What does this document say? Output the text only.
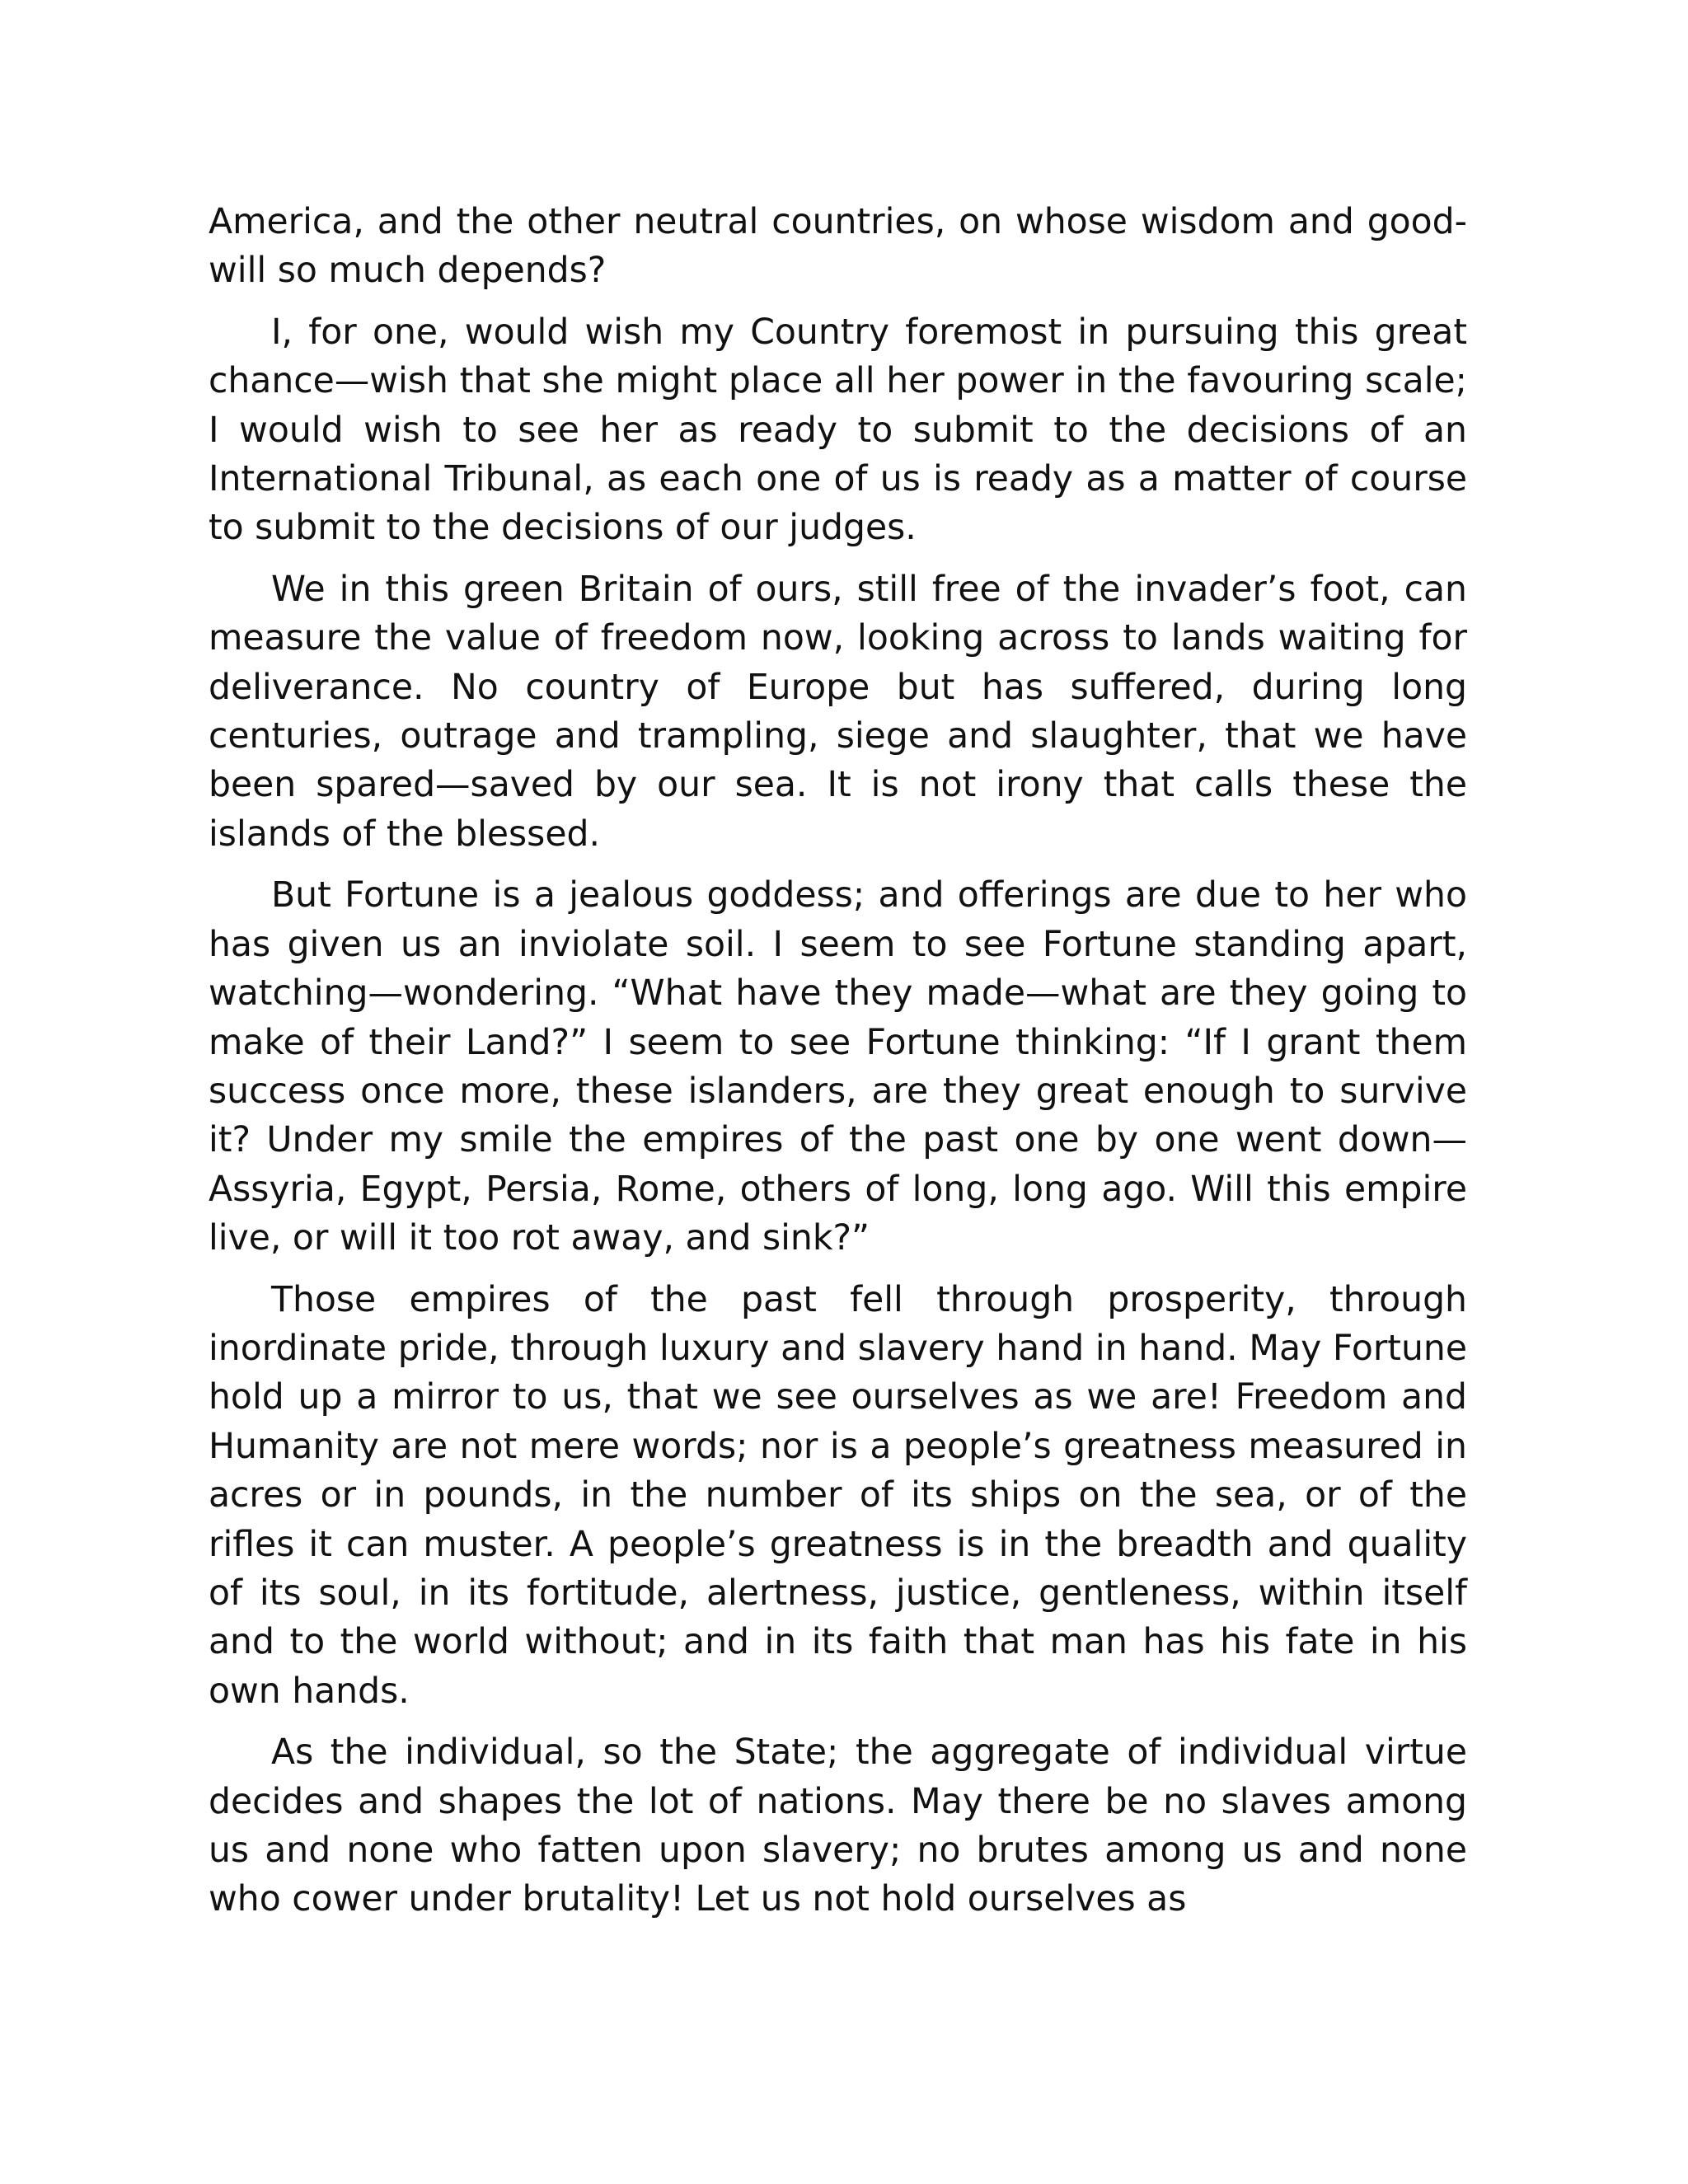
America, and the other neutral countries, on whose wisdom and good-will so much depends?

I, for one, would wish my Country foremost in pursuing this great chance—wish that she might place all her power in the favouring scale; I would wish to see her as ready to submit to the decisions of an International Tribunal, as each one of us is ready as a matter of course to submit to the decisions of our judges.

We in this green Britain of ours, still free of the invader’s foot, can measure the value of freedom now, looking across to lands waiting for deliverance. No country of Europe but has suffered, during long centuries, outrage and trampling, siege and slaughter, that we have been spared—saved by our sea. It is not irony that calls these the islands of the blessed.

But Fortune is a jealous goddess; and offerings are due to her who has given us an inviolate soil. I seem to see Fortune standing apart, watching—wondering. “What have they made—what are they going to make of their Land?” I seem to see Fortune thinking: “If I grant them success once more, these islanders, are they great enough to survive it? Under my smile the empires of the past one by one went down—Assyria, Egypt, Persia, Rome, others of long, long ago. Will this empire live, or will it too rot away, and sink?”

Those empires of the past fell through prosperity, through inordinate pride, through luxury and slavery hand in hand. May Fortune hold up a mirror to us, that we see ourselves as we are! Freedom and Humanity are not mere words; nor is a people’s greatness measured in acres or in pounds, in the number of its ships on the sea, or of the rifles it can muster. A people’s greatness is in the breadth and quality of its soul, in its fortitude, alertness, justice, gentleness, within itself and to the world without; and in its faith that man has his fate in his own hands.

As the individual, so the State; the aggregate of individual virtue decides and shapes the lot of nations. May there be no slaves among us and none who fatten upon slavery; no brutes among us and none who cower under brutality! Let us not hold ourselves as
